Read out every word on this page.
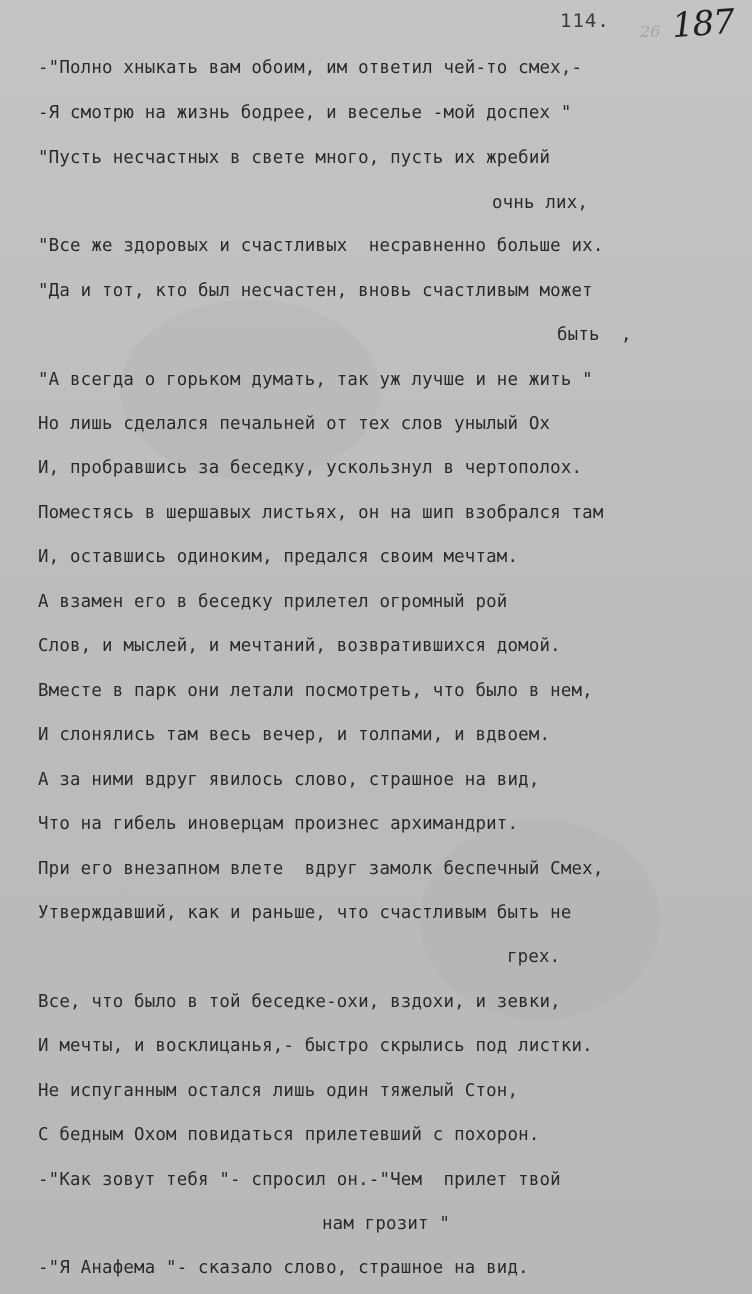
114. 26 187
-"Полно хныкать вам обоим, им ответил чей-то смех,-
-Я смотрю на жизнь бодрее, и веселье -мой доспех "
"Пусть несчастных в свете много, пусть их жребий
очнь лих,
"Все же здоровых и счастливых  несравненно больше их.
"Да и тот, кто был несчастен, вновь счастливым может
быть  ,
"А всегда о горьком думать, так уж лучше и не жить "
Но лишь сделался печальней от тех слов унылый Ох
И, пробравшись за беседку, ускользнул в чертополох.
Поместясь в шершавых листьях, он на шип взобрался там
И, оставшись одиноким, предался своим мечтам.
А взамен его в беседку прилетел огромный рой
Слов, и мыслей, и мечтаний, возвратившихся домой.
Вместе в парк они летали посмотреть, что было в нем,
И слонялись там весь вечер, и толпами, и вдвоем.
А за ними вдруг явилось слово, страшное на вид,
Что на гибель иноверцам произнес архимандрит.
При его внезапном влете  вдруг замолк беспечный Смех,
Утверждавший, как и раньше, что счастливым быть не
грех.
Все, что было в той беседке-охи, вздохи, и зевки,
И мечты, и восклицанья,- быстро скрылись под листки.
Не испуганным остался лишь один тяжелый Стон,
С бедным Охом повидаться прилетевший с похорон.
-"Как зовут тебя "- спросил он.-"Чем  прилет твой
нам грозит "
-"Я Анафема "- сказало слово, страшное на вид.
